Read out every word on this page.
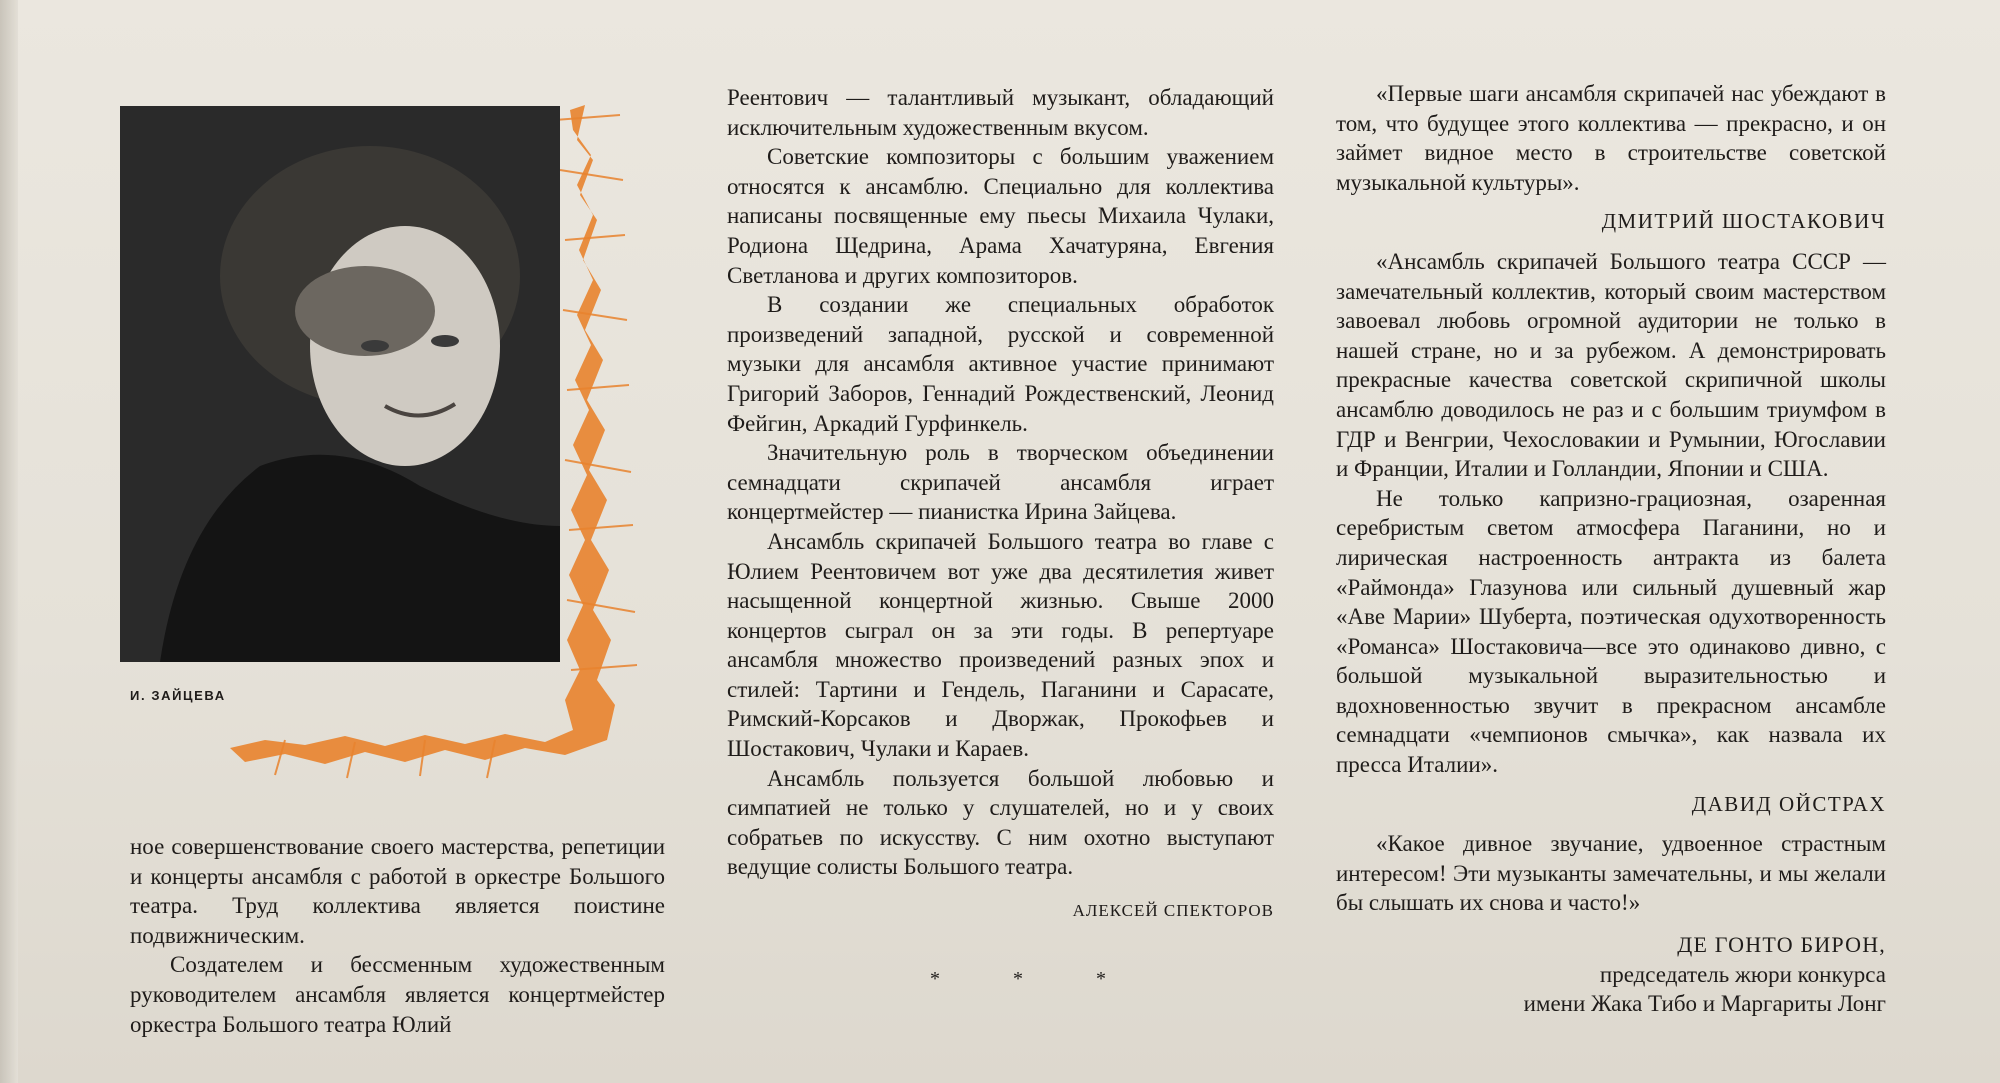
И. ЗАЙЦЕВА

ное совершенствование своего мастерства, репетиции и концерты ансамбля с работой в оркестре Большого театра. Труд коллектива является поистине подвижническим.

Создателем и бессменным художественным руководителем ансамбля является концертмейстер оркестра Большого театра Юлий

Реентович — талантливый музыкант, обладающий исключительным художественным вкусом.

Советские композиторы с большим уважением относятся к ансамблю. Специально для коллектива написаны посвященные ему пьесы Михаила Чулаки, Родиона Щедрина, Арама Хачатуряна, Евгения Светланова и других композиторов.

В создании же специальных обработок произведений западной, русской и современной музыки для ансамбля активное участие принимают Григорий Заборов, Геннадий Рождественский, Леонид Фейгин, Аркадий Гурфинкель.

Значительную роль в творческом объединении семнадцати скрипачей ансамбля играет концертмейстер — пианистка Ирина Зайцева.

Ансамбль скрипачей Большого театра во главе с Юлием Реентовичем вот уже два десятилетия живет насыщенной концертной жизнью. Свыше 2000 концертов сыграл он за эти годы. В репертуаре ансамбля множество произведений разных эпох и стилей: Тартини и Гендель, Паганини и Сарасате, Римский-Корсаков и Дворжак, Прокофьев и Шостакович, Чулаки и Караев.

Ансамбль пользуется большой любовью и симпатией не только у слушателей, но и у своих собратьев по искусству. С ним охотно выступают ведущие солисты Большого театра.

АЛЕКСЕЙ СПЕКТОРОВ
* * *

«Первые шаги ансамбля скрипачей нас убеждают в том, что будущее этого коллектива — прекрасно, и он займет видное место в строительстве советской музыкальной культуры».

ДМИТРИЙ ШОСТАКОВИЧ

«Ансамбль скрипачей Большого театра СССР — замечательный коллектив, который своим мастерством завоевал любовь огромной аудитории не только в нашей стране, но и за рубежом. А демонстрировать прекрасные качества советской скрипичной школы ансамблю доводилось не раз и с большим триумфом в ГДР и Венгрии, Чехословакии и Румынии, Югославии и Франции, Италии и Голландии, Японии и США.

Не только капризно-грациозная, озаренная серебристым светом атмосфера Паганини, но и лирическая настроенность антракта из балета «Раймонда» Глазунова или сильный душевный жар «Аве Марии» Шуберта, поэтическая одухотворенность «Романса» Шостаковича—все это одинаково дивно, с большой музыкальной выразительностью и вдохновенностью звучит в прекрасном ансамбле семнадцати «чемпионов смычка», как назвала их пресса Италии».

ДАВИД ОЙСТРАХ

«Какое дивное звучание, удвоенное страстным интересом! Эти музыканты замечательны, и мы желали бы слышать их снова и часто!»

ДЕ ГОНТО БИРОН,
председатель жюри конкурса
имени Жака Тибо и Маргариты Лонг
